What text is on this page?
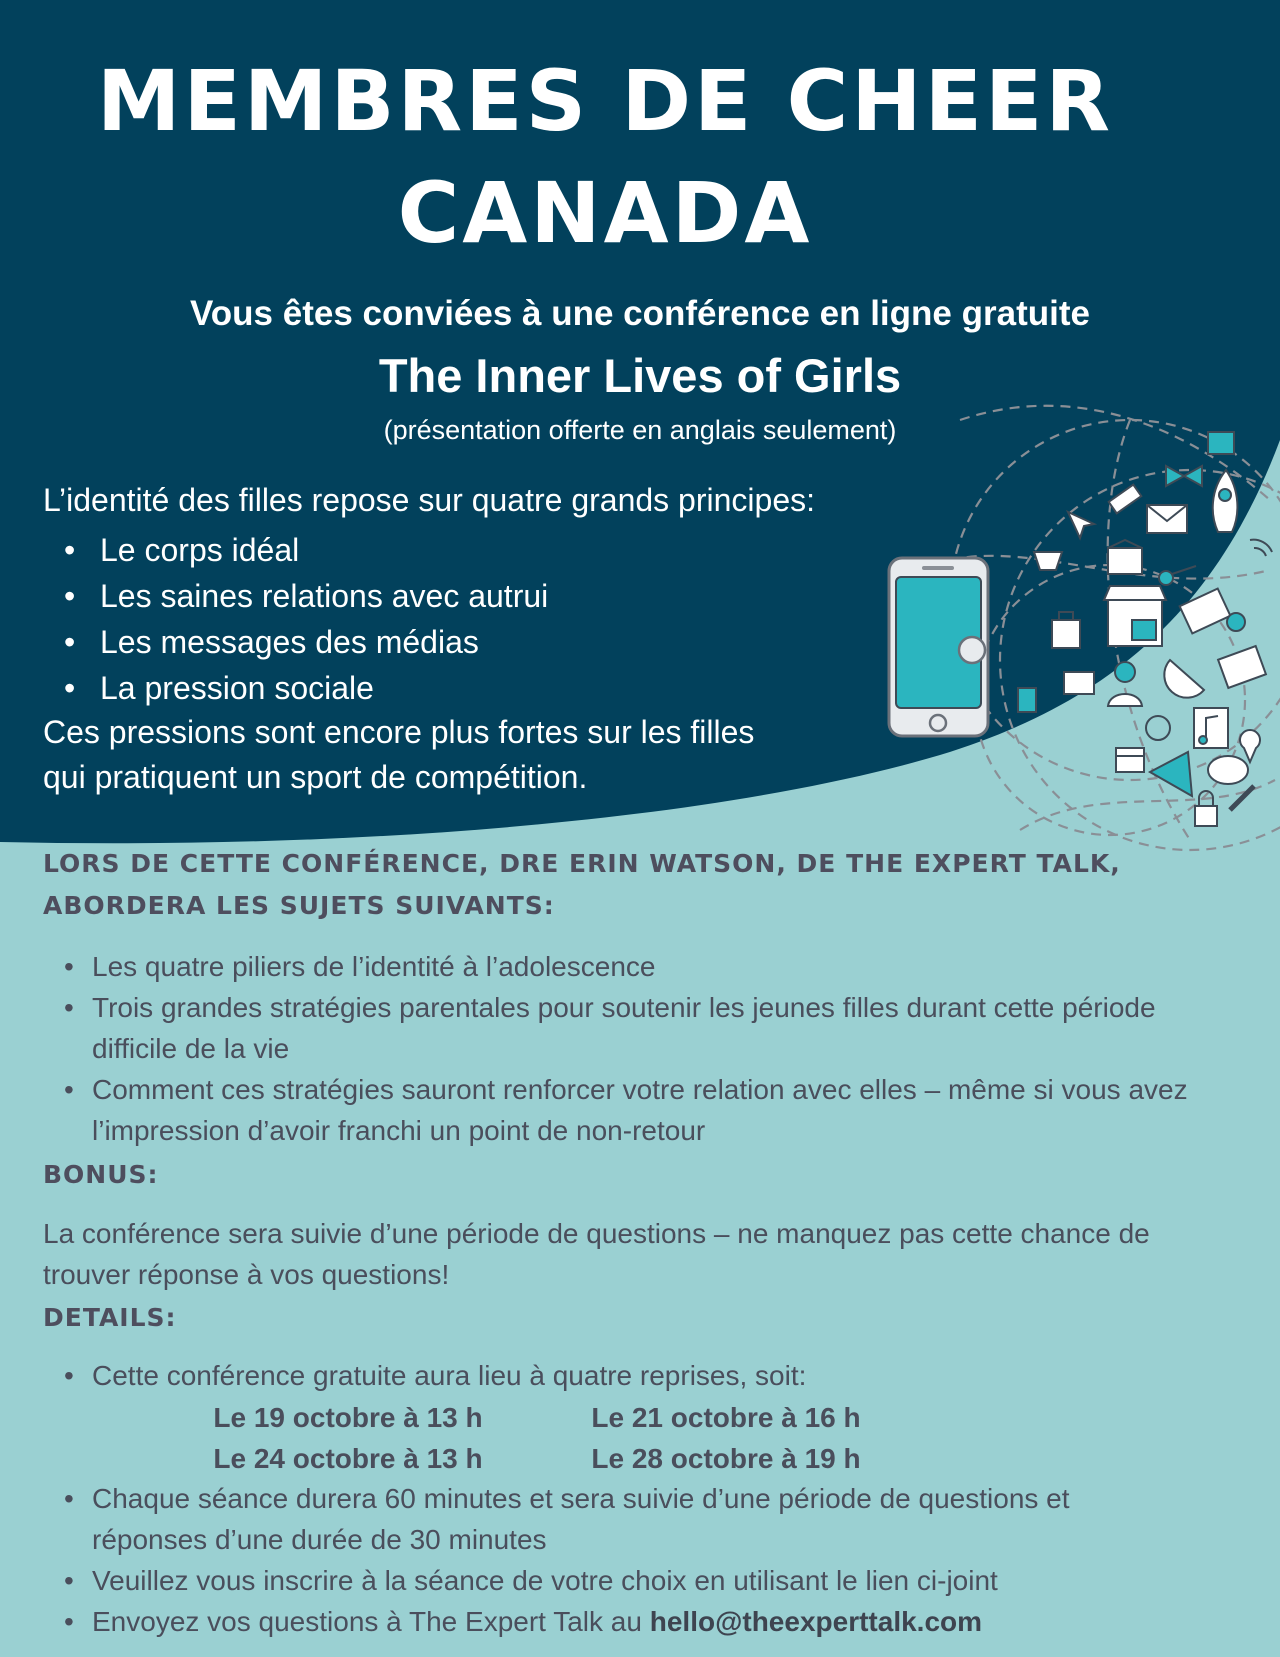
MEMBRES DE CHEER
CANADA

Vous êtes conviées à une conférence en ligne gratuite

The Inner Lives of Girls

(présentation offerte en anglais seulement)

L’identité des filles repose sur quatre grands principes:

• Le corps idéal
• Les saines relations avec autrui
• Les messages des médias
• La pression sociale

Ces pressions sont encore plus fortes sur les filles
qui pratiquent un sport de compétition.

LORS DE CETTE CONFÉRENCE, DRE ERIN WATSON, DE THE EXPERT TALK,
ABORDERA LES SUJETS SUIVANTS:
• Les quatre piliers de l’identité à l’adolescence
• Trois grandes stratégies parentales pour soutenir les jeunes filles durant cette période difficile de la vie
• Comment ces stratégies sauront renforcer votre relation avec elles – même si vous avez l’impression d’avoir franchi un point de non-retour
BONUS:

La conférence sera suivie d’une période de questions – ne manquez pas cette chance de trouver réponse à vos questions!

DETAILS:
• Cette conférence gratuite aura lieu à quatre reprises, soit:
Le 19 octobre à 13 h	Le 21 octobre à 16 h
Le 24 octobre à 13 h	Le 28 octobre à 19 h
• Chaque séance durera 60 minutes et sera suivie d’une période de questions et réponses d’une durée de 30 minutes
• Veuillez vous inscrire à la séance de votre choix en utilisant le lien ci-joint
• Envoyez vos questions à The Expert Talk au hello@theexperttalk.com
